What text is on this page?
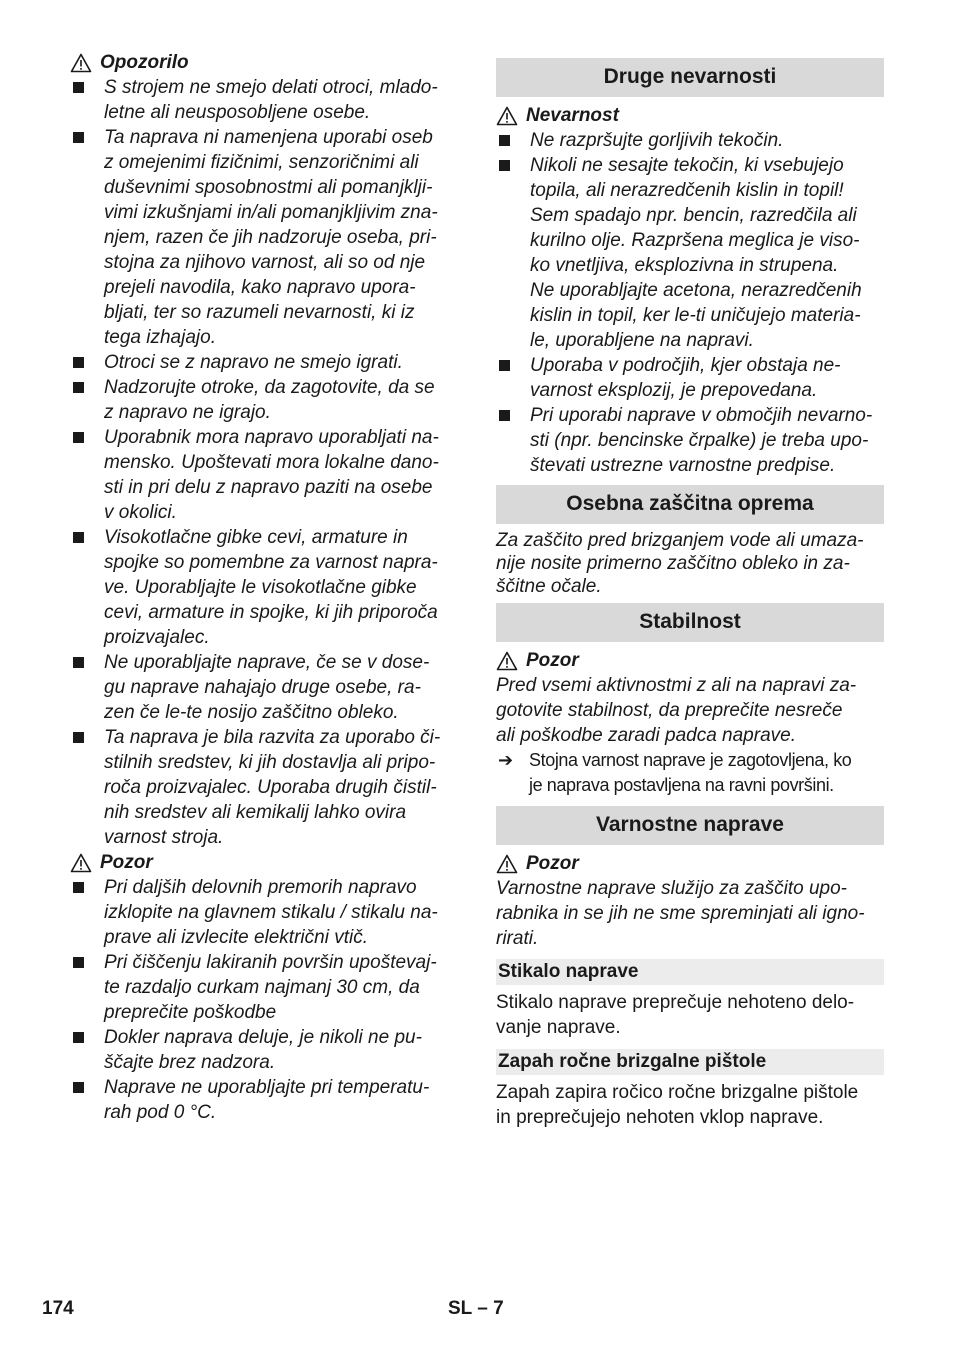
Opozorilo
S strojem ne smejo delati otroci, mlado-
letne ali neusposobljene osebe.
Ta naprava ni namenjena uporabi oseb
z omejenimi fizičnimi, senzoričnimi ali
duševnimi sposobnostmi ali pomanjklji-
vimi izkušnjami in/ali pomanjkljivim zna-
njem, razen če jih nadzoruje oseba, pri-
stojna za njihovo varnost, ali so od nje
prejeli navodila, kako napravo upora-
bljati, ter so razumeli nevarnosti, ki iz
tega izhajajo.
Otroci se z napravo ne smejo igrati.
Nadzorujte otroke, da zagotovite, da se
z napravo ne igrajo.
Uporabnik mora napravo uporabljati na-
mensko. Upoštevati mora lokalne dano-
sti in pri delu z napravo paziti na osebe
v okolici.
Visokotlačne gibke cevi, armature in
spojke so pomembne za varnost napra-
ve. Uporabljajte le visokotlačne gibke
cevi, armature in spojke, ki jih priporoča
proizvajalec.
Ne uporabljajte naprave, če se v dose-
gu naprave nahajajo druge osebe, ra-
zen če le-te nosijo zaščitno obleko.
Ta naprava je bila razvita za uporabo či-
stilnih sredstev, ki jih dostavlja ali pripo-
roča proizvajalec. Uporaba drugih čistil-
nih sredstev ali kemikalij lahko ovira
varnost stroja.
Pozor
Pri daljših delovnih premorih napravo
izklopite na glavnem stikalu / stikalu na-
prave ali izvlecite električni vtič.
Pri čiščenju lakiranih površin upoštevaj-
te razdaljo curkam najmanj 30 cm, da
preprečite poškodbe
Dokler naprava deluje, je nikoli ne pu-
ščajte brez nadzora.
Naprave ne uporabljajte pri temperatu-
rah pod 0 °C.
Druge nevarnosti
Nevarnost
Ne razpršujte gorljivih tekočin.
Nikoli ne sesajte tekočin, ki vsebujejo
topila, ali nerazredčenih kislin in topil!
Sem spadajo npr. bencin, razredčila ali
kurilno olje. Razpršena meglica je viso-
ko vnetljiva, eksplozivna in strupena.
Ne uporabljajte acetona, nerazredčenih
kislin in topil, ker le-ti uničujejo materia-
le, uporabljene na napravi.
Uporaba v področjih, kjer obstaja ne-
varnost eksplozij, je prepovedana.
Pri uporabi naprave v območjih nevarno-
sti (npr. bencinske črpalke) je treba upo-
števati ustrezne varnostne predpise.
Osebna zaščitna oprema

Za zaščito pred brizganjem vode ali umaza-
nije nosite primerno zaščitno obleko in za-
ščitne očale.

Stabilnost
Pozor

Pred vsemi aktivnostmi z ali na napravi za-
gotovite stabilnost, da preprečite nesreče
ali poškodbe zaradi padca naprave.

➔ Stojna varnost naprave je zagotovljena, ko
je naprava postavljena na ravni površini.
Varnostne naprave
Pozor

Varnostne naprave služijo za zaščito upo-
rabnika in se jih ne sme spreminjati ali igno-
rirati.

Stikalo naprave

Stikalo naprave preprečuje nehoteno delo-
vanje naprave.

Zapah ročne brizgalne pištole

Zapah zapira ročico ročne brizgalne pištole
in preprečujejo nehoten vklop naprave.

174	SL – 7
